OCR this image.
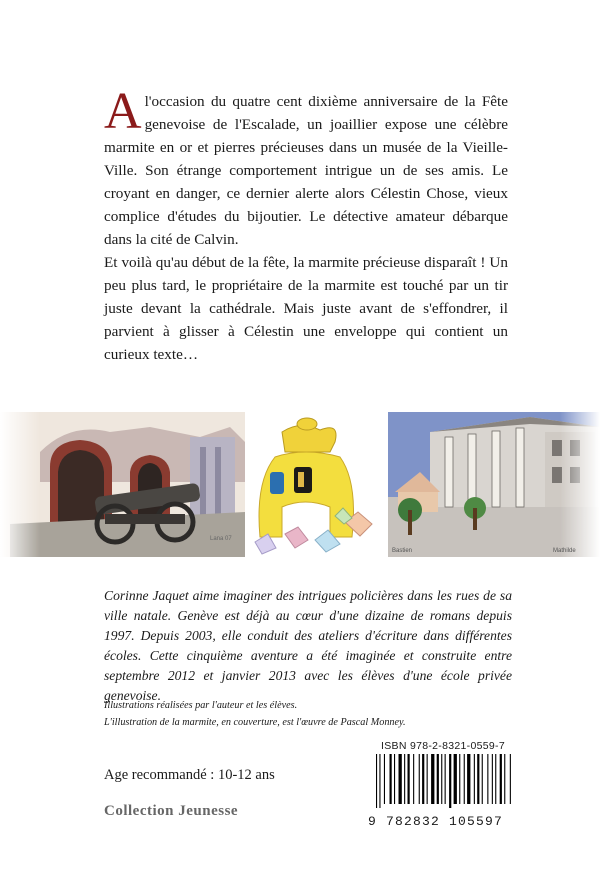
A l'occasion du quatre cent dixième anniversaire de la Fête genevoise de l'Escalade, un joaillier expose une célèbre marmite en or et pierres précieuses dans un musée de la Vieille-Ville. Son étrange comportement intrigue un de ses amis. Le croyant en danger, ce dernier alerte alors Célestin Chose, vieux complice d'études du bijoutier. Le détective amateur débarque dans la cité de Calvin.

Et voilà qu'au début de la fête, la marmite précieuse disparaît ! Un peu plus tard, le propriétaire de la marmite est touché par un tir juste devant la cathédrale. Mais juste avant de s'effondrer, il parvient à glisser à Célestin une enveloppe qui contient un curieux texte…

Lana 07
Bastien	Mathilde

Corinne Jaquet aime imaginer des intrigues policières dans les rues de sa ville natale. Genève est déjà au cœur d'une dizaine de romans depuis 1997. Depuis 2003, elle conduit des ateliers d'écriture dans différentes écoles. Cette cinquième aventure a été imaginée et construite entre septembre 2012 et janvier 2013 avec les élèves d'une école privée genevoise.

Illustrations réalisées par l'auteur et les élèves.
L'illustration de la marmite, en couverture, est l'œuvre de Pascal Monney.
Age recommandé : 10-12 ans
Collection Jeunesse
ISBN 978-2-8321-0559-7
9 782832 105597
